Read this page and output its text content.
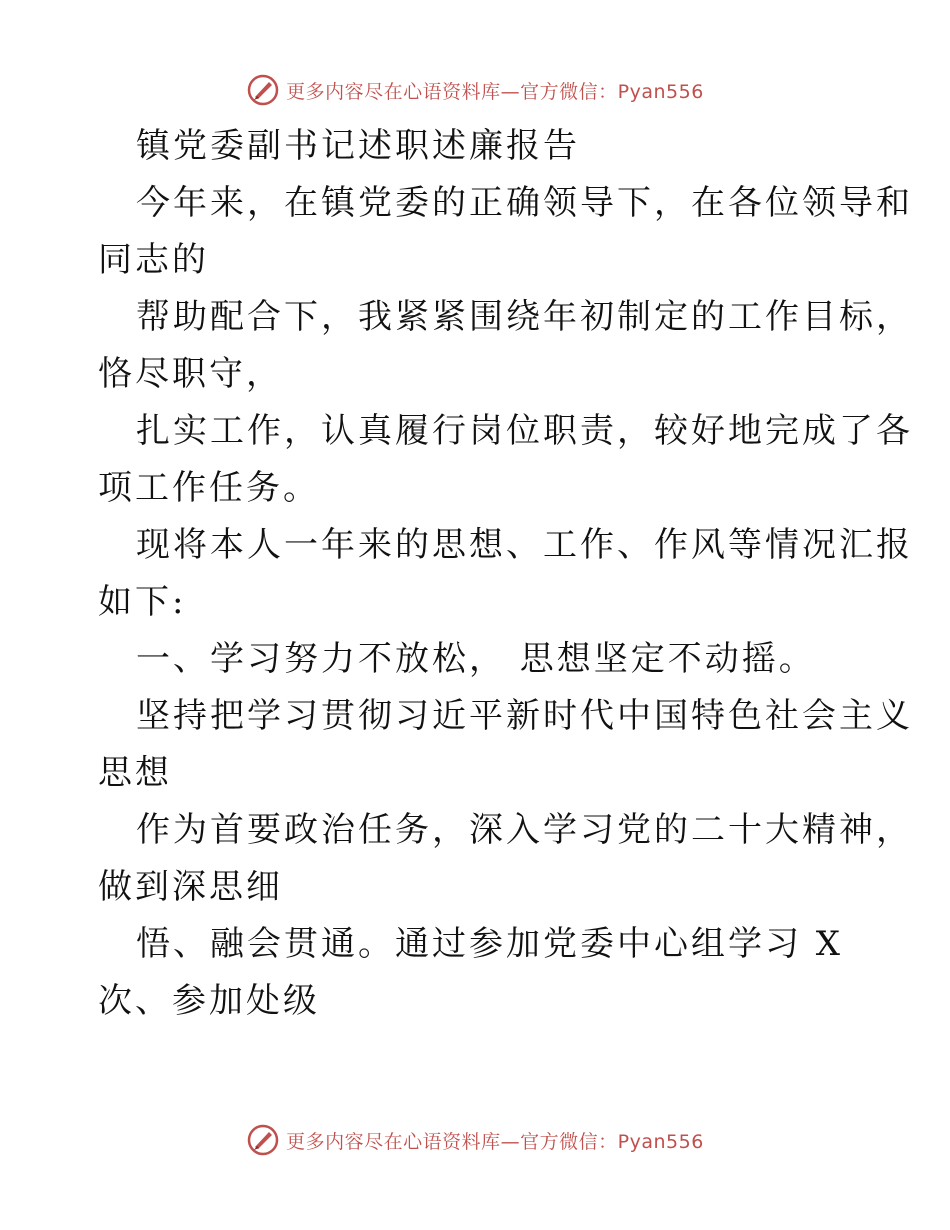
更多内容尽在心语资料库—官方微信：Pyan556
镇党委副书记述职述廉报告
今年来，在镇党委的正确领导下，在各位领导和
同志的
帮助配合下，我紧紧围绕年初制定的工作目标，
恪尽职守，
扎实工作，认真履行岗位职责，较好地完成了各
项工作任务。
现将本人一年来的思想、工作、作风等情况汇报
如下:
一、学习努力不放松， 思想坚定不动摇。
坚持把学习贯彻习近平新时代中国特色社会主义
思想
作为首要政治任务，深入学习党的二十大精神，
做到深思细
悟、融会贯通。通过参加党委中心组学习 X
次、参加处级
更多内容尽在心语资料库—官方微信：Pyan556
